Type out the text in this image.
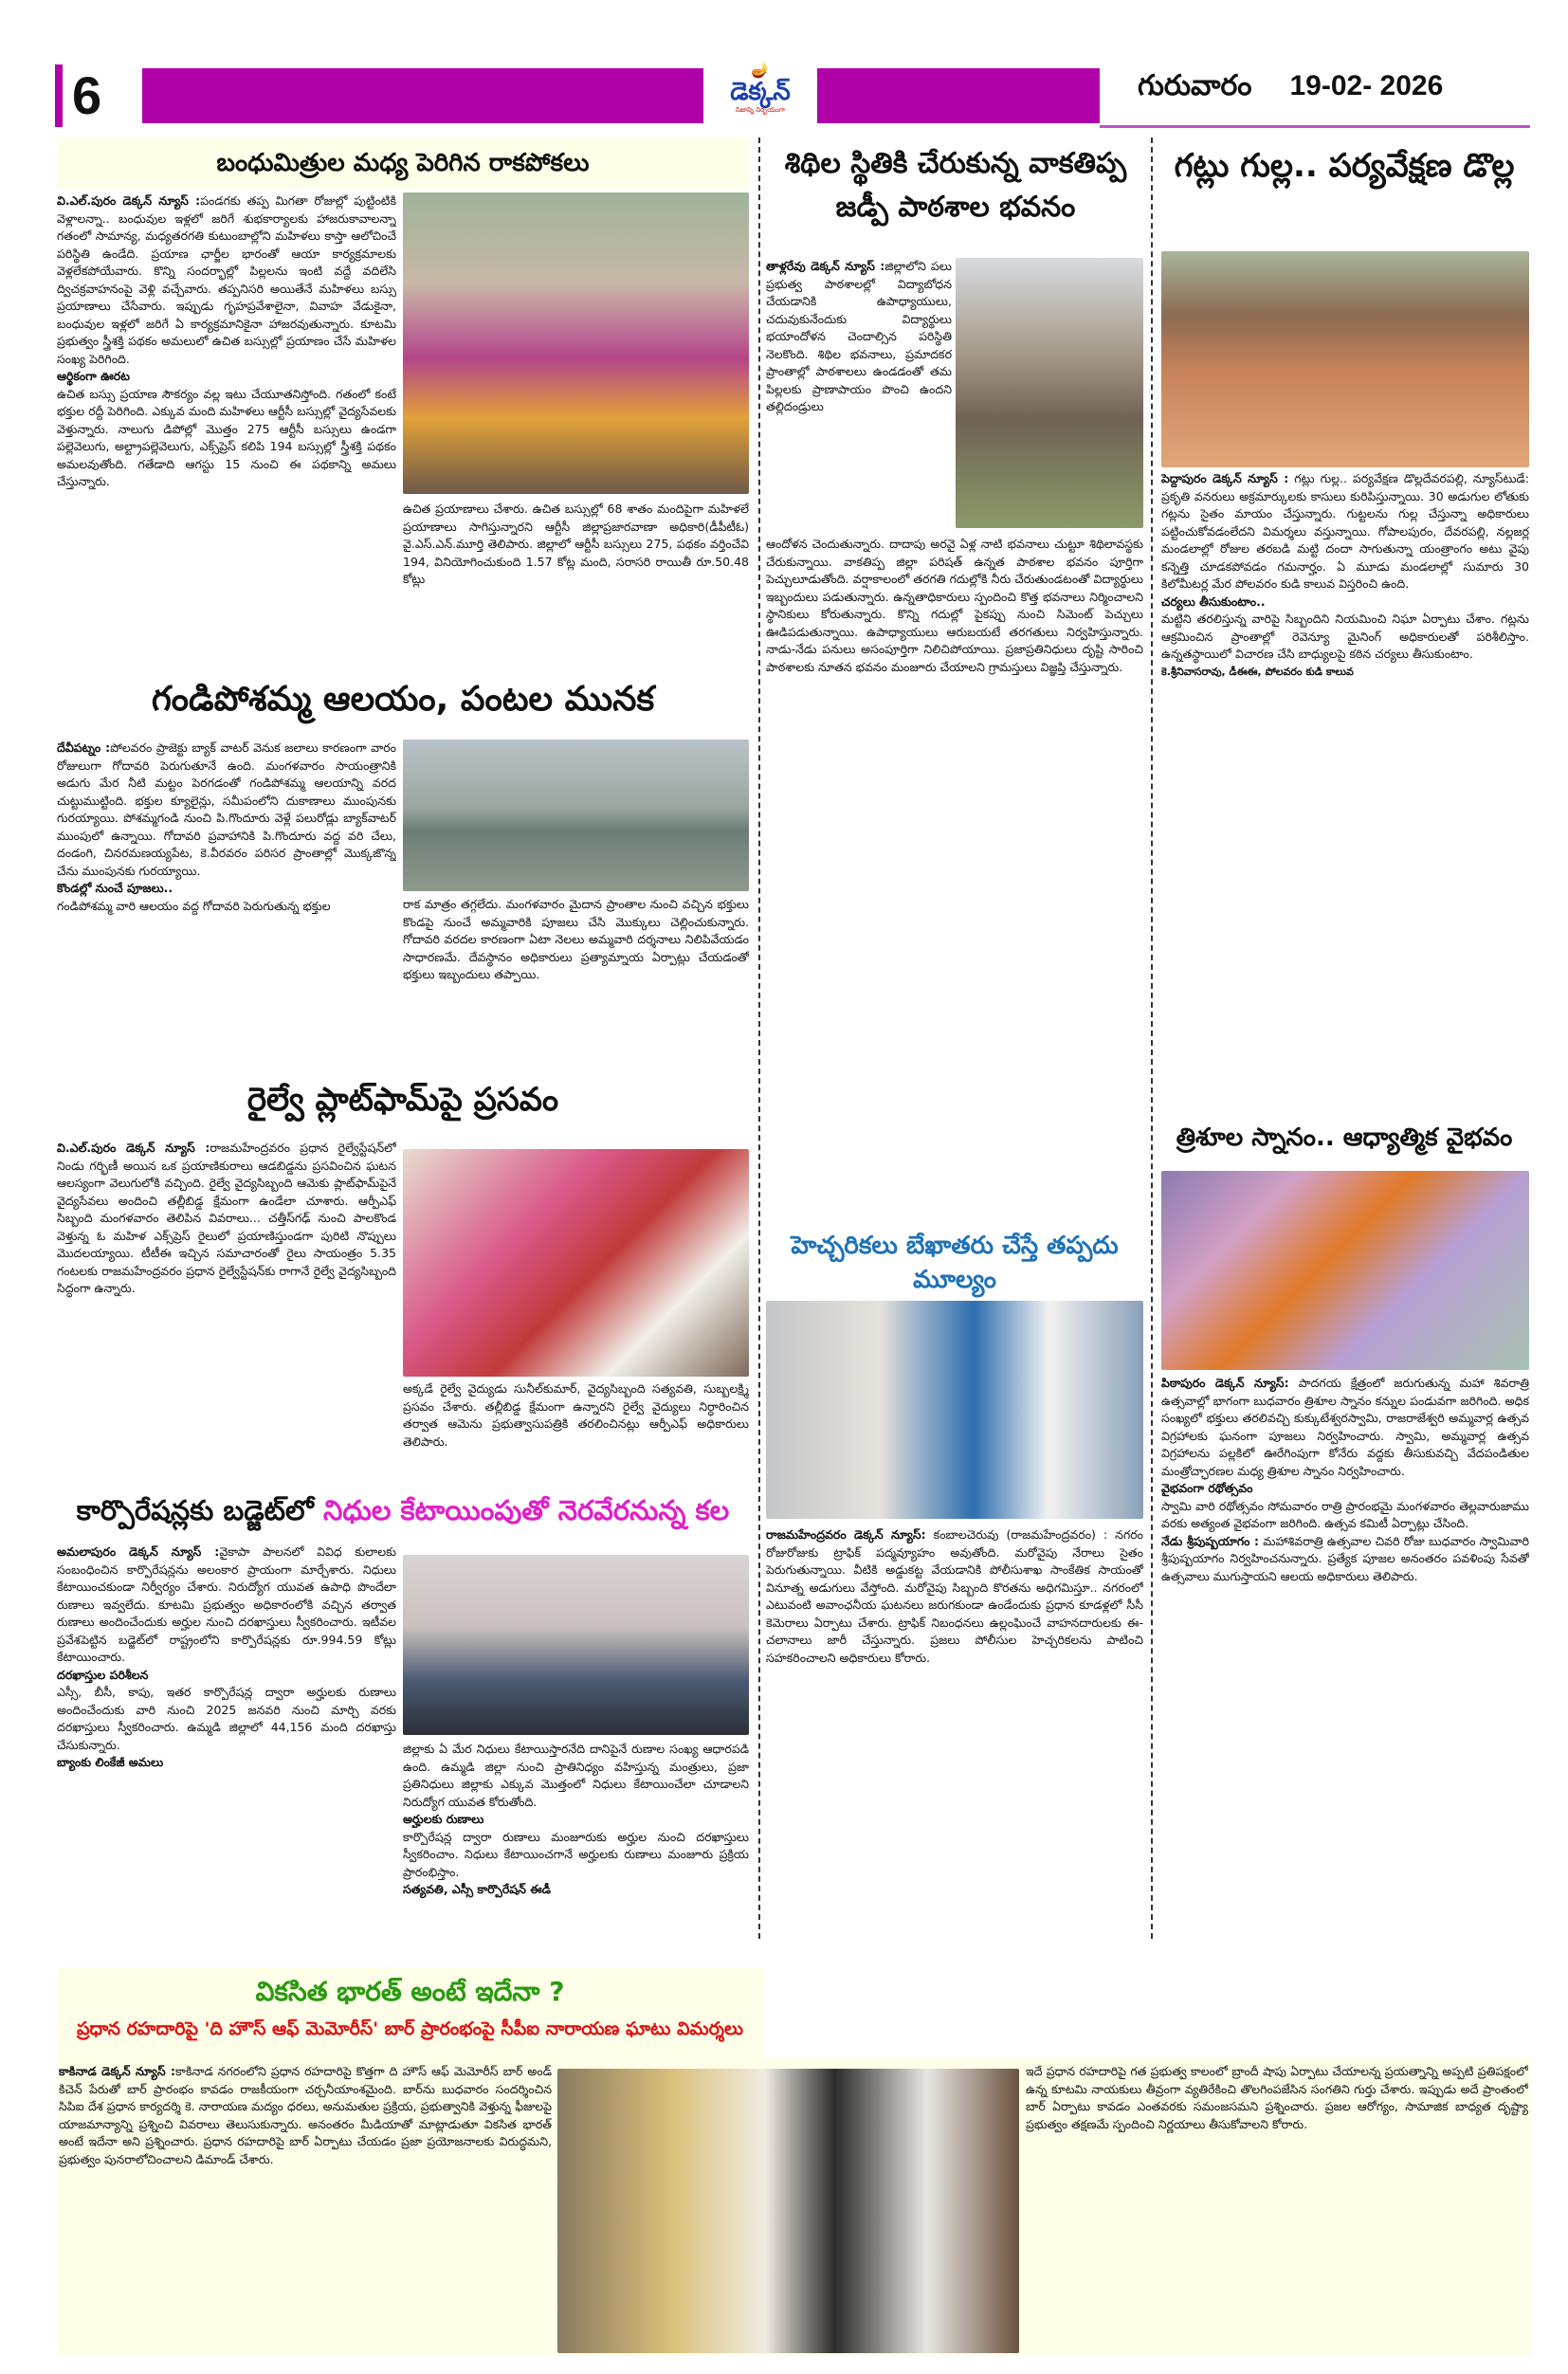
6	🪔
డెక్కన్
నిజాన్ని నిర్భయంగా
గురువారం 19-02- 2026
బంధుమిత్రుల మధ్య పెరిగిన రాకపోకలు
వి.ఎల్.పురం డెక్కన్ న్యూస్ :పండగకు తప్ప మిగతా రోజుల్లో పుట్టింటికి వెళ్లాలన్నా.. బంధువుల ఇళ్లలో జరిగే శుభకార్యాలకు హాజరుకావాలన్నా గతంలో సామాన్య, మధ్యతరగతి కుటుంబాల్లోని మహిళలు కాస్తా ఆలోచించే పరిస్థితి ఉండేది. ప్రయాణ ఛార్జీల భారంతో ఆయా కార్యక్రమాలకు వెళ్లలేకపోయేవారు. కొన్ని సందర్భాల్లో పిల్లలను ఇంటి వద్దే వదిలేసి ద్విచక్రవాహనంపై వెళ్లి వచ్చేవారు. తప్పనిసరి అయితేనే మహిళలు బస్సు ప్రయాణాలు చేసేవారు. ఇప్పుడు గృహప్రవేశాలైనా, వివాహ వేడుకైనా, బంధువుల ఇళ్లలో జరిగే ఏ కార్యక్రమానికైనా హాజరవుతున్నారు. కూటమి ప్రభుత్వం స్త్రీశక్తి పథకం అమలులో ఉచిత బస్సుల్లో ప్రయాణం చేసే మహిళల సంఖ్య పెరిగింది.
ఆర్థికంగా ఊరట
ఉచిత బస్సు ప్రయాణ సౌకర్యం వల్ల ఇటు చేయూతనిస్తోంది. గతంలో కంటే భక్తుల రద్దీ పెరిగింది. ఎక్కువ మంది మహిళలు ఆర్టీసీ బస్సుల్లో వైద్యసేవలకు వెళ్తున్నారు. నాలుగు డిపోల్లో మొత్తం 275 ఆర్టీసీ బస్సులు ఉండగా పల్లెవెలుగు, అల్ట్రాపల్లెవెలుగు, ఎక్స్‌ప్రెస్ కలిపి 194 బస్సుల్లో స్త్రీశక్తి పథకం అమలవుతోంది. గతేడాది ఆగస్టు 15 నుంచి ఈ పథకాన్ని అమలు చేస్తున్నారు.
ఉచిత ప్రయాణాలు చేశారు. ఉచిత బస్సుల్లో 68 శాతం మందిపైగా మహిళలే ప్రయాణాలు సాగిస్తున్నారని ఆర్టీసీ జిల్లాప్రజారవాణా అధికారి(డీపీటీఓ) వై.ఎస్.ఎన్.మూర్తి తెలిపారు. జిల్లాలో ఆర్టీసీ బస్సులు 275, పథకం వర్తించేవి 194, వినియోగించుకుంది 1.57 కోట్ల మంది, సరాసరి రాయితీ రూ.50.48 కోట్లు
గండిపోశమ్మ ఆలయం, పంటల మునక
దేవీపట్నం :పోలవరం ప్రాజెక్టు బ్యాక్ వాటర్ వెనుక జలాలు కారణంగా వారం రోజులుగా గోదావరి పెరుగుతూనే ఉంది. మంగళవారం సాయంత్రానికి అడుగు మేర నీటి మట్టం పెరగడంతో గండిపోశమ్మ ఆలయాన్ని వరద చుట్టుముట్టింది. భక్తుల క్యూలైన్లు, సమీపంలోని దుకాణాలు ముంపునకు గురయ్యాయి. పోశమ్మగండి నుంచి పి.గొందూరు వెళ్లే పలురోడ్లు బ్యాక్‌వాటర్ ముంపులో ఉన్నాయి. గోదావరి ప్రవాహానికి పి.గొందూరు వద్ద వరి చేలు, దండంగి, చినరమణయ్యపేట, కె.వీరవరం పరిసర ప్రాంతాల్లో మొక్కజొన్న చేను ముంపునకు గురయ్యాయి.
కొండల్లో నుంచే పూజలు..
గండిపోశమ్మ వారి ఆలయం వద్ద గోదావరి పెరుగుతున్న భక్తుల	రాక మాత్రం తగ్గలేదు. మంగళవారం మైదాన ప్రాంతాల నుంచి వచ్చిన భక్తులు కొండపై నుంచే అమ్మవారికి పూజలు చేసి మొక్కులు చెల్లించుకున్నారు. గోదావరి వరదల కారణంగా ఏటా నెలలు అమ్మవారి దర్శనాలు నిలిపివేయడం సాధారణమే. దేవస్థానం అధికారులు ప్రత్యామ్నాయ ఏర్పాట్లు చేయడంతో భక్తులు ఇబ్బందులు తప్పాయి.
రైల్వే ప్లాట్‌ఫామ్‌పై ప్రసవం
వి.ఎల్.పురం డెక్కన్ న్యూస్ :రాజమహేంద్రవరం ప్రధాన రైల్వేస్టేషన్‌లో నిండు గర్భిణీ అయిన ఒక ప్రయాణికురాలు ఆడబిడ్డను ప్రసవించిన ఘటన ఆలస్యంగా వెలుగులోకి వచ్చింది. రైల్వే వైద్యసిబ్బంది ఆమెకు ప్లాట్‌ఫామ్‌పైనే వైద్యసేవలు అందించి తల్లీబిడ్డ క్షేమంగా ఉండేలా చూశారు. ఆర్పీఎఫ్ సిబ్బంది మంగళవారం తెలిపిన వివరాలు... చత్తీస్‌గఢ్ నుంచి పాలకొండ వెళ్తున్న ఓ మహిళ ఎక్స్‌ప్రెస్ రైలులో ప్రయాణిస్తుండగా పురిటి నొప్పులు మొదలయ్యాయి. టీటీఈ ఇచ్చిన సమాచారంతో రైలు సాయంత్రం 5.35 గంటలకు రాజమహేంద్రవరం ప్రధాన రైల్వేస్టేషన్‌కు రాగానే రైల్వే వైద్యసిబ్బంది సిద్ధంగా ఉన్నారు.
అక్కడే రైల్వే వైద్యుడు సునీల్‌కుమార్, వైద్యసిబ్బంది సత్యవతి, సుబ్బలక్ష్మి ప్రసవం చేశారు. తల్లీబిడ్డ క్షేమంగా ఉన్నారని రైల్వే వైద్యులు నిర్ధారించిన తర్వాత ఆమెను ప్రభుత్వాసుపత్రికి తరలించినట్లు ఆర్పీఎఫ్ అధికారులు తెలిపారు.
కార్పొరేషన్లకు బడ్జెట్‌లో నిధుల కేటాయింపుతో నెరవేరనున్న కల
అమలాపురం డెక్కన్ న్యూస్ :వైకాపా పాలనలో వివిధ కులాలకు సంబంధించిన కార్పొరేషన్లను అలంకార ప్రాయంగా మార్చేశారు. నిధులు కేటాయించకుండా నిర్వీర్యం చేశారు. నిరుద్యోగ యువత ఉపాధి పొందేలా రుణాలు ఇవ్వలేదు. కూటమి ప్రభుత్వం అధికారంలోకి వచ్చిన తర్వాత రుణాలు అందించేందుకు అర్హుల నుంచి దరఖాస్తులు స్వీకరించారు. ఇటీవల ప్రవేశపెట్టిన బడ్జెట్‌లో రాష్ట్రంలోని కార్పొరేషన్లకు రూ.994.59 కోట్లు కేటాయించారు.
దరఖాస్తుల పరిశీలన
ఎస్సీ, బీసీ, కాపు, ఇతర కార్పొరేషన్ల ద్వారా అర్హులకు రుణాలు అందించేందుకు వారి నుంచి 2025 జనవరి నుంచి మార్చి వరకు దరఖాస్తులు స్వీకరించారు. ఉమ్మడి జిల్లాలో 44,156 మంది దరఖాస్తు చేసుకున్నారు.
బ్యాంకు లింకేజీ అమలు
జిల్లాకు ఏ మేర నిధులు కేటాయిస్తారనేది దానిపైనే రుణాల సంఖ్య ఆధారపడి ఉంది. ఉమ్మడి జిల్లా నుంచి ప్రాతినిధ్యం వహిస్తున్న మంత్రులు, ప్రజా ప్రతినిధులు జిల్లాకు ఎక్కువ మొత్తంలో నిధులు కేటాయించేలా చూడాలని నిరుద్యోగ యువత కోరుతోంది.
అర్హులకు రుణాలు
కార్పొరేషన్ల ద్వారా రుణాలు మంజూరుకు అర్హుల నుంచి దరఖాస్తులు స్వీకరించాం. నిధులు కేటాయించగానే అర్హులకు రుణాలు మంజూరు ప్రక్రియ ప్రారంభిస్తాం.
సత్యవతి, ఎస్సీ కార్పొరేషన్ ఈడీ
శిథిల స్థితికి చేరుకున్న వాకతిప్ప జడ్పీ పాఠశాల భవనం
తాళ్లరేవు డెక్కన్ న్యూస్ :జిల్లాలోని పలు ప్రభుత్వ పాఠశాలల్లో విద్యాబోధన చేయడానికి ఉపాధ్యాయులు, చదువుకునేందుకు విద్యార్థులు భయాందోళన చెందాల్సిన పరిస్థితి నెలకొంది. శిథిల భవనాలు, ప్రమాదకర ప్రాంతాల్లో పాఠశాలలు ఉండడంతో తమ పిల్లలకు ప్రాణాపాయం పొంచి ఉందని తల్లిదండ్రులు
ఆందోళన చెందుతున్నారు. దాదాపు అరవై ఏళ్ల నాటి భవనాలు చుట్టూ శిథిలావస్థకు చేరుకున్నాయి. వాకతిప్ప జిల్లా పరిషత్ ఉన్నత పాఠశాల భవనం పూర్తిగా పెచ్చులూడుతోంది. వర్షాకాలంలో తరగతి గదుల్లోకి నీరు చేరుతుండటంతో విద్యార్థులు ఇబ్బందులు పడుతున్నారు. ఉన్నతాధికారులు స్పందించి కొత్త భవనాలు నిర్మించాలని స్థానికులు కోరుతున్నారు. కొన్ని గదుల్లో పైకప్పు నుంచి సిమెంట్ పెచ్చులు ఊడిపడుతున్నాయి. ఉపాధ్యాయులు ఆరుబయటే తరగతులు నిర్వహిస్తున్నారు. నాడు-నేడు పనులు అసంపూర్తిగా నిలిచిపోయాయి. ప్రజాప్రతినిధులు దృష్టి సారించి పాఠశాలకు నూతన భవనం మంజూరు చేయాలని గ్రామస్తులు విజ్ఞప్తి చేస్తున్నారు.
హెచ్చరికలు బేఖాతరు చేస్తే తప్పదు మూల్యం
రాజమహేంద్రవరం డెక్కన్ న్యూస్: కంబాలచెరువు (రాజమహేంద్రవరం) : నగరం రోజురోజుకు ట్రాఫిక్ పద్మవ్యూహం అవుతోంది. మరోవైపు నేరాలు సైతం పెరుగుతున్నాయి. వీటికి అడ్డుకట్ట వేయడానికి పోలీసుశాఖ సాంకేతిక సాయంతో వినూత్న అడుగులు వేస్తోంది. మరోవైపు సిబ్బంది కొరతను అధిగమిస్తూ.. నగరంలో ఎటువంటి అవాంఛనీయ ఘటనలు జరుగకుండా ఉండేందుకు ప్రధాన కూడళ్లలో సీసీ కెమెరాలు ఏర్పాటు చేశారు. ట్రాఫిక్ నిబంధనలు ఉల్లంఘించే వాహనదారులకు ఈ-చలానాలు జారీ చేస్తున్నారు. ప్రజలు పోలీసుల హెచ్చరికలను పాటించి సహకరించాలని అధికారులు కోరారు.
గట్లు గుల్ల.. పర్యవేక్షణ డొల్ల
పెద్దాపురం డెక్కన్ న్యూస్ : గట్లు గుల్ల.. పర్యవేక్షణ డొల్లదేవరపల్లి, న్యూస్‌టుడే: ప్రకృతి వనరులు అక్రమార్కులకు కాసులు కురిపిస్తున్నాయి. 30 అడుగుల లోతుకు గట్లను సైతం మాయం చేస్తున్నారు. గుట్టలను గుల్ల చేస్తున్నా అధికారులు పట్టించుకోవడంలేదని విమర్శలు వస్తున్నాయి. గోపాలపురం, దేవరపల్లి, నల్లజర్ల మండలాల్లో రోజుల తరబడి మట్టి దందా సాగుతున్నా యంత్రాంగం అటు వైపు కన్నెత్తి చూడకపోవడం గమనార్హం. ఏ మూడు మండలాల్లో సుమారు 30 కిలోమీటర్ల మేర పోలవరం కుడి కాలువ విస్తరించి ఉంది.
చర్యలు తీసుకుంటాం..
మట్టిని తరలిస్తున్న వారిపై సిబ్బందిని నియమించి నిఘా ఏర్పాటు చేశాం. గట్లను ఆక్రమించిన ప్రాంతాల్లో రెవెన్యూ మైనింగ్ అధికారులతో పరిశీలిస్తాం. ఉన్నతస్థాయిలో విచారణ చేసి బాధ్యులపై కఠిన చర్యలు తీసుకుంటాం.
కె.శ్రీనివాసరావు, డీఈఈ, పోలవరం కుడి కాలువ
త్రిశూల స్నానం.. ఆధ్యాత్మిక వైభవం
పిఠాపురం డెక్కన్ న్యూస్: పాదగయ క్షేత్రంలో జరుగుతున్న మహా శివరాత్రి ఉత్సవాల్లో భాగంగా బుధవారం త్రిశూల స్నానం కన్నుల పండువగా జరిగింది. అధిక సంఖ్యలో భక్తులు తరలివచ్చి కుక్కుటేశ్వరస్వామి, రాజరాజేశ్వరి అమ్మవార్ల ఉత్సవ విగ్రహాలకు ఘనంగా పూజలు నిర్వహించారు. స్వామి, అమ్మవార్ల ఉత్సవ విగ్రహాలను పల్లకిలో ఊరేగింపుగా కోనేరు వద్దకు తీసుకువచ్చి వేదపండితుల మంత్రోచ్ఛారణల మధ్య త్రిశూల స్నానం నిర్వహించారు.
వైభవంగా రథోత్సవం
స్వామి వారి రథోత్సవం సోమవారం రాత్రి ప్రారంభమై మంగళవారం తెల్లవారుజాము వరకు అత్యంత వైభవంగా జరిగింది. ఉత్సవ కమిటీ ఏర్పాట్లు చేసింది.
నేడు శ్రీపుష్పయాగం : మహాశివరాత్రి ఉత్సవాల చివరి రోజు బుధవారం స్వామివారి శ్రీపుష్పయాగం నిర్వహించనున్నారు. ప్రత్యేక పూజల అనంతరం పవళింపు సేవతో ఉత్సవాలు ముగుస్తాయని ఆలయ అధికారులు తెలిపారు.
వికసిత భారత్ అంటే ఇదేనా ?
ప్రధాన రహదారిపై 'ది హౌస్ ఆఫ్ మెమోరీస్' బార్ ప్రారంభంపై సీపీఐ నారాయణ ఘాటు విమర్శలు
కాకినాడ డెక్కన్ న్యూస్ :కాకినాడ నగరంలోని ప్రధాన రహదారిపై కొత్తగా ది హౌస్ ఆఫ్ మెమోరీస్ బార్ అండ్ కిచెన్ పేరుతో బార్ ప్రారంభం కావడం రాజకీయంగా చర్చనీయాంశమైంది. బార్‌ను బుధవారం సందర్శించిన సిపిఐ దేశ ప్రధాన కార్యదర్శి కె. నారాయణ మద్యం ధరలు, అనుమతుల ప్రక్రియ, ప్రభుత్వానికి వెళ్తున్న ఫీజులపై యాజమాన్యాన్ని ప్రశ్నించి వివరాలు తెలుసుకున్నారు. అనంతరం మీడియాతో మాట్లాడుతూ వికసిత భారత్ అంటే ఇదేనా అని ప్రశ్నించారు. ప్రధాన రహదారిపై బార్ ఏర్పాటు చేయడం ప్రజా ప్రయోజనాలకు విరుద్ధమని, ప్రభుత్వం పునరాలోచించాలని డిమాండ్ చేశారు.
ఇదే ప్రధాన రహదారిపై గత ప్రభుత్వ కాలంలో బ్రాందీ షాపు ఏర్పాటు చేయాలన్న ప్రయత్నాన్ని అప్పటి ప్రతిపక్షంలో ఉన్న కూటమి నాయకులు తీవ్రంగా వ్యతిరేకించి తొలగింపజేసిన సంగతిని గుర్తు చేశారు. ఇప్పుడు అదే ప్రాంతంలో బార్ ఏర్పాటు కావడం ఎంతవరకు సమంజసమని ప్రశ్నించారు. ప్రజల ఆరోగ్యం, సామాజిక బాధ్యత దృష్ట్యా ప్రభుత్వం తక్షణమే స్పందించి నిర్ణయాలు తీసుకోవాలని కోరారు.
